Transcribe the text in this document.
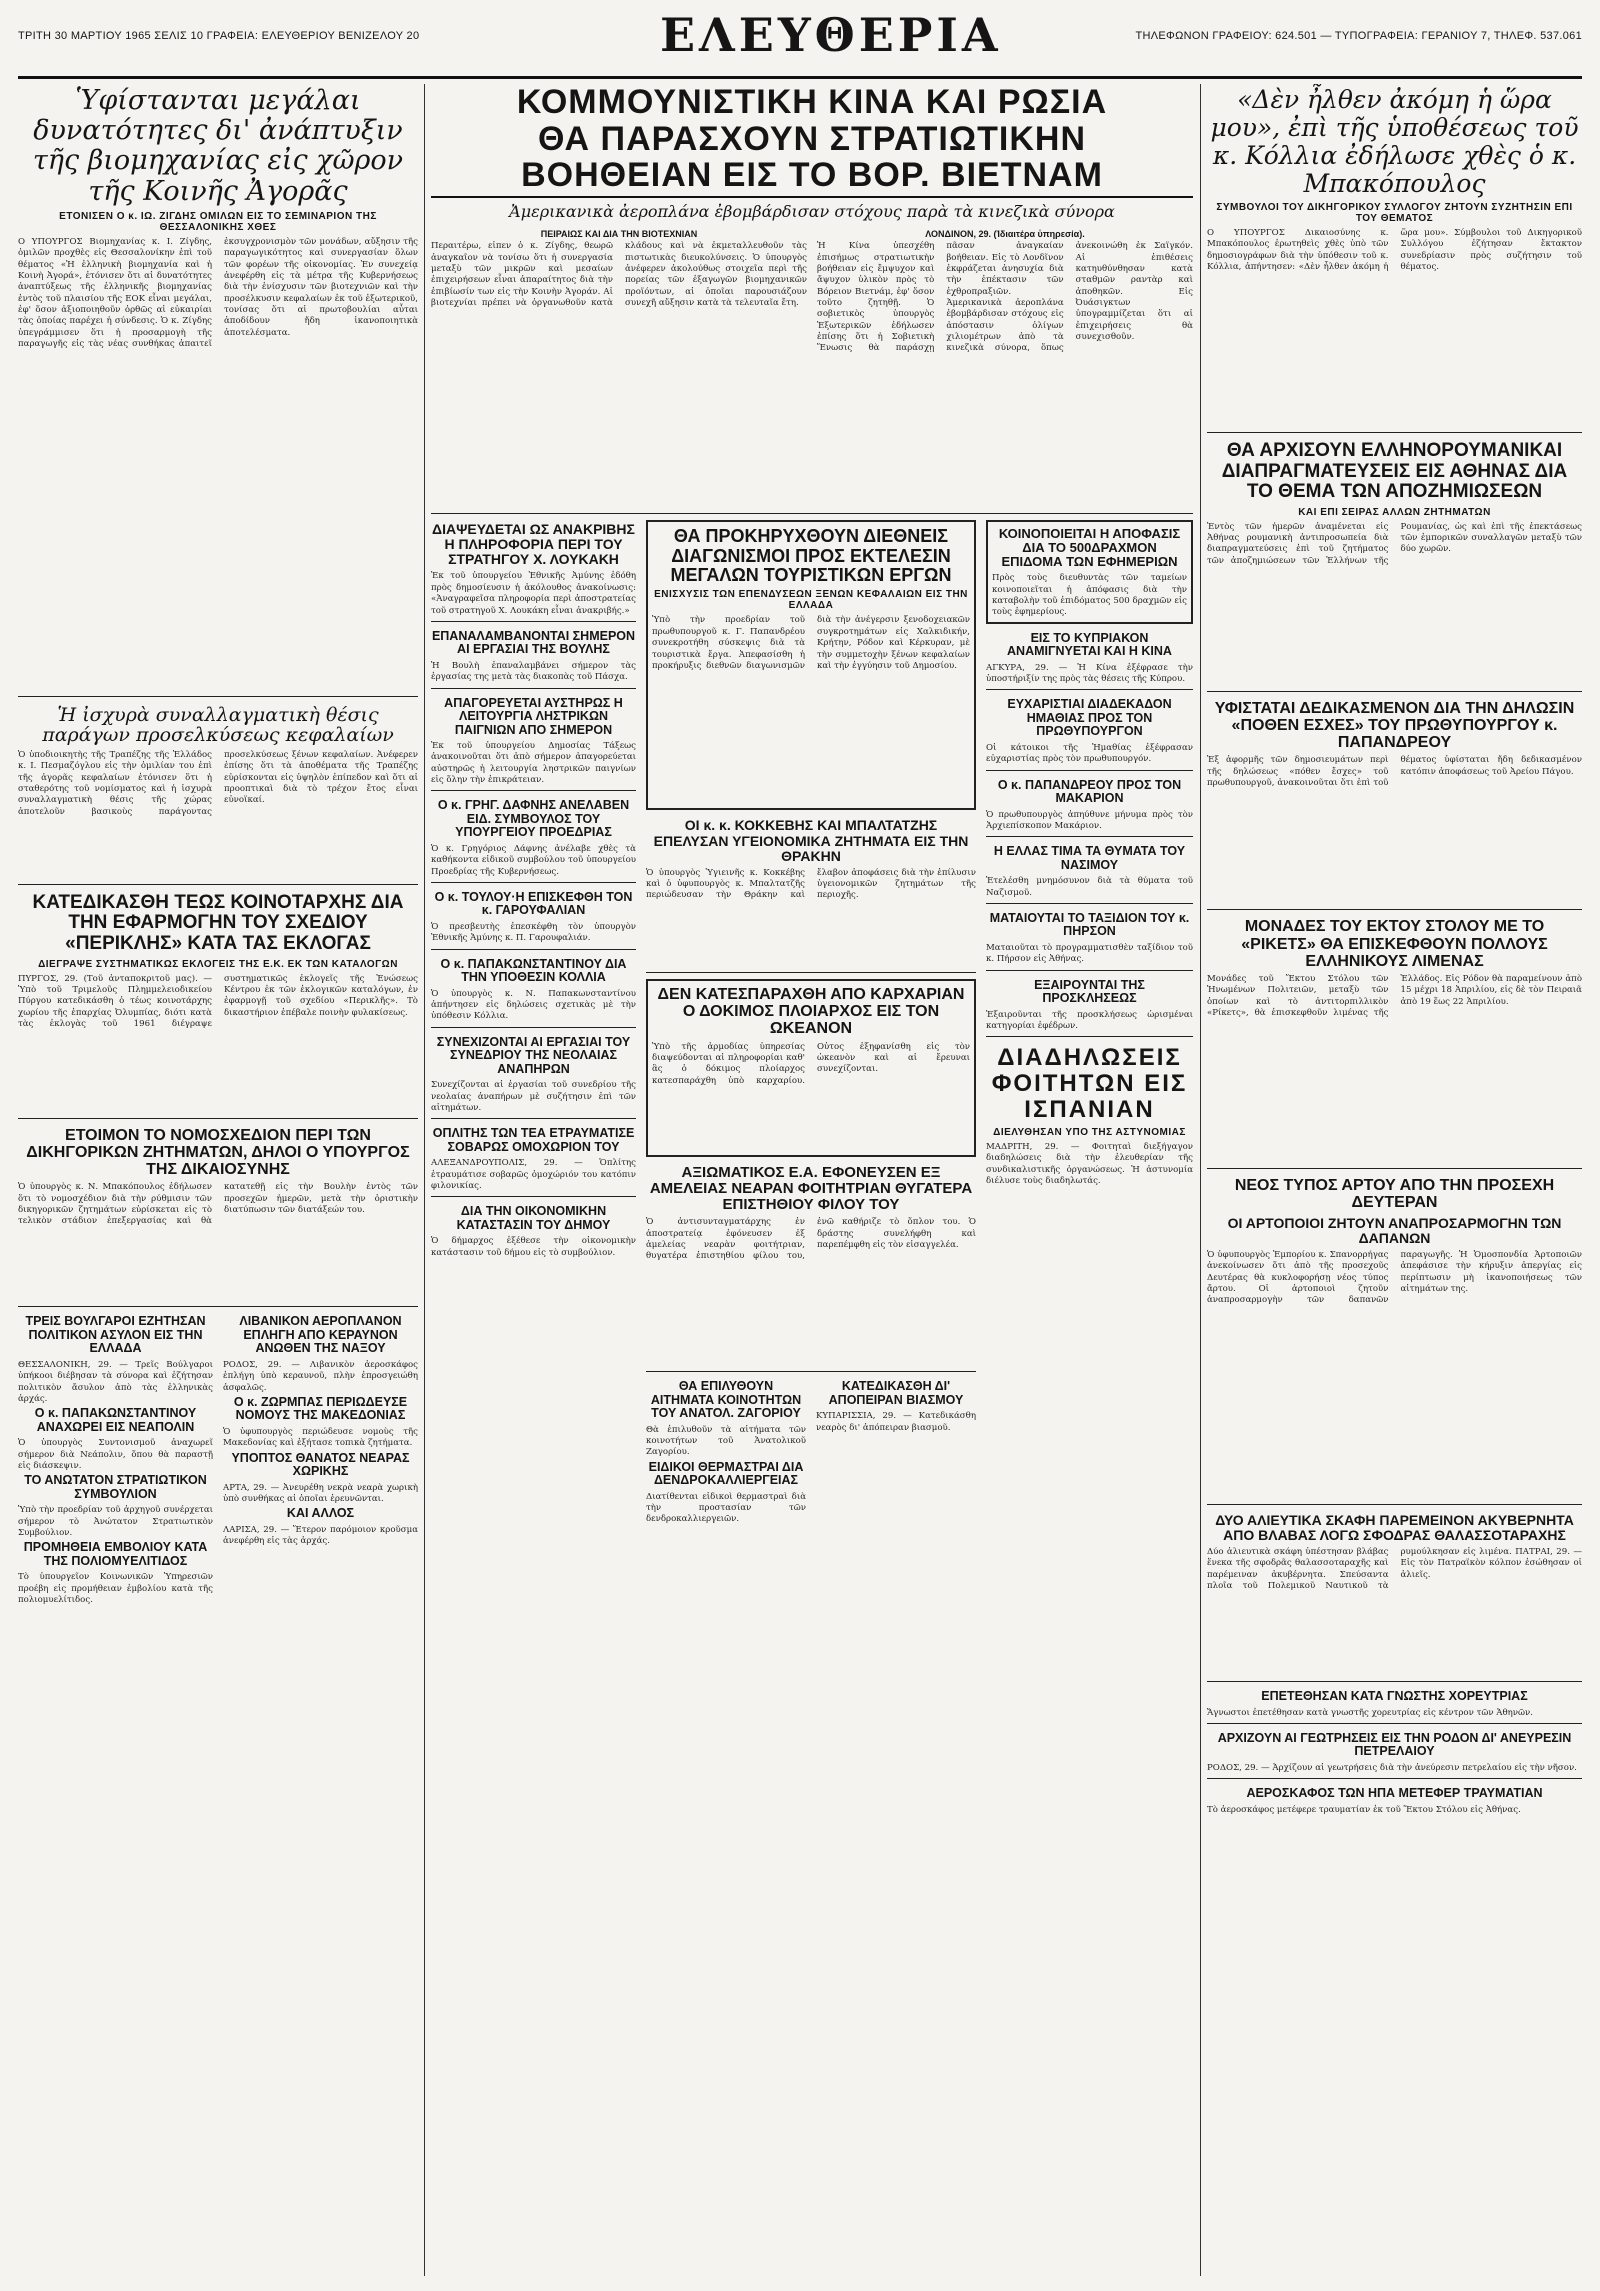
ΤΡΙΤΗ 30 ΜΑΡΤΙΟΥ 1965 ΣΕΛΙΣ 10 ΓΡΑΦΕΙΑ: ΕΛΕΥΘΕΡΙΟΥ ΒΕΝΙΖΕΛΟΥ 20	ΕΛΕΥΘΕΡΙΑ	ΤΗΛΕΦΩΝΟΝ ΓΡΑΦΕΙΟΥ: 624.501 — ΤΥΠΟΓΡΑΦΕΙΑ: ΓΕΡΑΝΙΟΥ 7, ΤΗΛΕΦ. 537.061
Ὑφίστανται μεγάλαι δυνατότητες δι' ἀνάπτυξιν τῆς βιομηχανίας εἰς χῶρον τῆς Κοινῆς Ἀγορᾶς
ΕΤΟΝΙΣΕΝ Ο κ. ΙΩ. ΖΙΓΔΗΣ ΟΜΙΛΩΝ ΕΙΣ ΤΟ ΣΕΜΙΝΑΡΙΟΝ ΤΗΣ ΘΕΣΣΑΛΟΝΙΚΗΣ ΧΘΕΣ

Ο ΥΠΟΥΡΓΟΣ Βιομηχανίας κ. Ι. Ζίγδης, ὁμιλῶν προχθὲς εἰς Θεσσαλονίκην ἐπὶ τοῦ θέματος «Ἡ ἑλληνικὴ βιομηχανία καὶ ἡ Κοινὴ Ἀγορά», ἐτόνισεν ὅτι αἱ δυνατότητες ἀναπτύξεως τῆς ἑλληνικῆς βιομηχανίας ἐντὸς τοῦ πλαισίου τῆς ΕΟΚ εἶναι μεγάλαι, ἐφ' ὅσον ἀξιοποιηθοῦν ὀρθῶς αἱ εὐκαιρίαι τὰς ὁποίας παρέχει ἡ σύνδεσις. Ὁ κ. Ζίγδης ὑπεγράμμισεν ὅτι ἡ προσαρμογὴ τῆς παραγωγῆς εἰς τὰς νέας συνθήκας ἀπαιτεῖ ἐκσυγχρονισμὸν τῶν μονάδων, αὔξησιν τῆς παραγωγικότητος καὶ συνεργασίαν ὅλων τῶν φορέων τῆς οἰκονομίας. Ἐν συνεχείᾳ ἀνεφέρθη εἰς τὰ μέτρα τῆς Κυβερνήσεως διὰ τὴν ἐνίσχυσιν τῶν βιοτεχνιῶν καὶ τὴν προσέλκυσιν κεφαλαίων ἐκ τοῦ ἐξωτερικοῦ, τονίσας ὅτι αἱ πρωτοβουλίαι αὗται ἀποδίδουν ἤδη ἱκανοποιητικὰ ἀποτελέσματα.

Ἡ ἰσχυρὰ συναλλαγματικὴ θέσις παράγων προσελκύσεως κεφαλαίων

Ὁ ὑποδιοικητὴς τῆς Τραπέζης τῆς Ἑλλάδος κ. Ι. Πεσμαζόγλου εἰς τὴν ὁμιλίαν του ἐπὶ τῆς ἀγορᾶς κεφαλαίων ἐτόνισεν ὅτι ἡ σταθερότης τοῦ νομίσματος καὶ ἡ ἰσχυρὰ συναλλαγματικὴ θέσις τῆς χώρας ἀποτελοῦν βασικοὺς παράγοντας προσελκύσεως ξένων κεφαλαίων. Ἀνέφερεν ἐπίσης ὅτι τὰ ἀποθέματα τῆς Τραπέζης εὑρίσκονται εἰς ὑψηλὸν ἐπίπεδον καὶ ὅτι αἱ προοπτικαὶ διὰ τὸ τρέχον ἔτος εἶναι εὐνοϊκαί.

ΚΑΤΕΔΙΚΑΣΘΗ ΤΕΩΣ ΚΟΙΝΟΤΑΡΧΗΣ ΔΙΑ ΤΗΝ ΕΦΑΡΜΟΓΗΝ ΤΟΥ ΣΧΕΔΙΟΥ «ΠΕΡΙΚΛΗΣ» ΚΑΤΑ ΤΑΣ ΕΚΛΟΓΑΣ
ΔΙΕΓΡΑΨΕ ΣΥΣΤΗΜΑΤΙΚΩΣ ΕΚΛΟΓΕΙΣ ΤΗΣ Ε.Κ. ΕΚ ΤΩΝ ΚΑΤΑΛΟΓΩΝ

ΠΥΡΓΟΣ, 29. (Τοῦ ἀνταποκριτοῦ μας). — Ὑπὸ τοῦ Τριμελοῦς Πλημμελειοδικείου Πύργου κατεδικάσθη ὁ τέως κοινοτάρχης χωρίου τῆς ἐπαρχίας Ὀλυμπίας, διότι κατὰ τὰς ἐκλογὰς τοῦ 1961 διέγραψε συστηματικῶς ἐκλογεῖς τῆς Ἑνώσεως Κέντρου ἐκ τῶν ἐκλογικῶν καταλόγων, ἐν ἐφαρμογῇ τοῦ σχεδίου «Περικλῆς». Τὸ δικαστήριον ἐπέβαλε ποινὴν φυλακίσεως.

ΕΤΟΙΜΟΝ ΤΟ ΝΟΜΟΣΧΕΔΙΟΝ ΠΕΡΙ ΤΩΝ ΔΙΚΗΓΟΡΙΚΩΝ ΖΗΤΗΜΑΤΩΝ, ΔΗΛΟΙ Ο ΥΠΟΥΡΓΟΣ ΤΗΣ ΔΙΚΑΙΟΣΥΝΗΣ

Ὁ ὑπουργὸς κ. Ν. Μπακόπουλος ἐδήλωσεν ὅτι τὸ νομοσχέδιον διὰ τὴν ρύθμισιν τῶν δικηγορικῶν ζητημάτων εὑρίσκεται εἰς τὸ τελικὸν στάδιον ἐπεξεργασίας καὶ θὰ κατατεθῇ εἰς τὴν Βουλὴν ἐντὸς τῶν προσεχῶν ἡμερῶν, μετὰ τὴν ὁριστικὴν διατύπωσιν τῶν διατάξεών του.

ΤΡΕΙΣ ΒΟΥΛΓΑΡΟΙ ΕΖΗΤΗΣΑΝ ΠΟΛΙΤΙΚΟΝ ΑΣΥΛΟΝ ΕΙΣ ΤΗΝ ΕΛΛΑΔΑ

ΘΕΣΣΑΛΟΝΙΚΗ, 29. — Τρεῖς Βούλγαροι ὑπήκοοι διέβησαν τὰ σύνορα καὶ ἐζήτησαν πολιτικὸν ἄσυλον ἀπὸ τὰς ἑλληνικὰς ἀρχάς.

Ο κ. ΠΑΠΑΚΩΝΣΤΑΝΤΙΝΟΥ ΑΝΑΧΩΡΕΙ ΕΙΣ ΝΕΑΠΟΛΙΝ

Ὁ ὑπουργὸς Συντονισμοῦ ἀναχωρεῖ σήμερον διὰ Νεάπολιν, ὅπου θὰ παραστῇ εἰς διάσκεψιν.

ΤΟ ΑΝΩΤΑΤΟΝ ΣΤΡΑΤΙΩΤΙΚΟΝ ΣΥΜΒΟΥΛΙΟΝ

Ὑπὸ τὴν προεδρίαν τοῦ ἀρχηγοῦ συνέρχεται σήμερον τὸ Ἀνώτατον Στρατιωτικὸν Συμβούλιον.

ΠΡΟΜΗΘΕΙΑ ΕΜΒΟΛΙΟΥ ΚΑΤΑ ΤΗΣ ΠΟΛΙΟΜΥΕΛΙΤΙΔΟΣ

Τὸ ὑπουργεῖον Κοινωνικῶν Ὑπηρεσιῶν προέβη εἰς προμήθειαν ἐμβολίου κατὰ τῆς πολιομυελίτιδος.

ΛΙΒΑΝΙΚΟΝ ΑΕΡΟΠΛΑΝΟΝ ΕΠΛΗΓΗ ΑΠΟ ΚΕΡΑΥΝΟΝ ΑΝΩΘΕΝ ΤΗΣ ΝΑΞΟΥ

ΡΟΔΟΣ, 29. — Λιβανικὸν ἀεροσκάφος ἐπλήγη ὑπὸ κεραυνοῦ, πλὴν ἐπροσγειώθη ἀσφαλῶς.

Ο κ. ΖΩΡΜΠΑΣ ΠΕΡΙΩΔΕΥΣΕ ΝΟΜΟΥΣ ΤΗΣ ΜΑΚΕΔΟΝΙΑΣ

Ὁ ὑφυπουργὸς περιώδευσε νομοὺς τῆς Μακεδονίας καὶ ἐξήτασε τοπικὰ ζητήματα.

ΥΠΟΠΤΟΣ ΘΑΝΑΤΟΣ ΝΕΑΡΑΣ ΧΩΡΙΚΗΣ

ΑΡΤΑ, 29. — Ἀνευρέθη νεκρὰ νεαρὰ χωρικὴ ὑπὸ συνθήκας αἱ ὁποῖαι ἐρευνῶνται.

ΚΑΙ ΑΛΛΟΣ

ΛΑΡΙΣΑ, 29. — Ἕτερον παρόμοιον κροῦσμα ἀνεφέρθη εἰς τὰς ἀρχάς.

ΚΟΜΜΟΥΝΙΣΤΙΚΗ ΚΙΝΑ ΚΑΙ ΡΩΣΙΑ
ΘΑ ΠΑΡΑΣΧΟΥΝ ΣΤΡΑΤΙΩΤΙΚΗΝ
ΒΟΗΘΕΙΑΝ ΕΙΣ ΤΟ ΒΟΡ. ΒΙΕΤΝΑΜ
Ἀμερικανικὰ ἀεροπλάνα ἐβομβάρδισαν στόχους παρὰ τὰ κινεζικὰ σύνορα
ΠΕΙΡΑΙΩΣ ΚΑΙ ΔΙΑ ΤΗΝ ΒΙΟΤΕΧΝΙΑΝ

Περαιτέρω, εἶπεν ὁ κ. Ζίγδης, θεωρῶ ἀναγκαῖον νὰ τονίσω ὅτι ἡ συνεργασία μεταξὺ τῶν μικρῶν καὶ μεσαίων ἐπιχειρήσεων εἶναι ἀπαραίτητος διὰ τὴν ἐπιβίωσίν των εἰς τὴν Κοινὴν Ἀγοράν. Αἱ βιοτεχνίαι πρέπει νὰ ὀργανωθοῦν κατὰ κλάδους καὶ νὰ ἐκμεταλλευθοῦν τὰς πιστωτικὰς διευκολύνσεις. Ὁ ὑπουργὸς ἀνέφερεν ἀκολούθως στοιχεῖα περὶ τῆς πορείας τῶν ἐξαγωγῶν βιομηχανικῶν προϊόντων, αἱ ὁποῖαι παρουσιάζουν συνεχῆ αὔξησιν κατὰ τὰ τελευταῖα ἔτη.

ΛΟΝΔΙΝΟΝ, 29. (Ἰδιαιτέρα ὑπηρεσία).

Ἡ Κίνα ὑπεσχέθη ἐπισήμως στρατιωτικὴν βοήθειαν εἰς ἔμψυχον καὶ ἄψυχον ὑλικὸν πρὸς τὸ Βόρειον Βιετνάμ, ἐφ' ὅσον τοῦτο ζητηθῇ. Ὁ σοβιετικὸς ὑπουργὸς Ἐξωτερικῶν ἐδήλωσεν ἐπίσης ὅτι ἡ Σοβιετικὴ Ἕνωσις θὰ παράσχῃ πᾶσαν ἀναγκαίαν βοήθειαν. Εἰς τὸ Λονδῖνον ἐκφράζεται ἀνησυχία διὰ τὴν ἐπέκτασιν τῶν ἐχθροπραξιῶν. Ἀμερικανικὰ ἀεροπλάνα ἐβομβάρδισαν στόχους εἰς ἀπόστασιν ὀλίγων χιλιομέτρων ἀπὸ τὰ κινεζικὰ σύνορα, ὅπως ἀνεκοινώθη ἐκ Σαϊγκόν. Αἱ ἐπιθέσεις κατηυθύνθησαν κατὰ σταθμῶν ραντὰρ καὶ ἀποθηκῶν. Εἰς Ὀυάσιγκτων ὑπογραμμίζεται ὅτι αἱ ἐπιχειρήσεις θὰ συνεχισθοῦν.

ΔΙΑΨΕΥΔΕΤΑΙ ΩΣ ΑΝΑΚΡΙΒΗΣ Η ΠΛΗΡΟΦΟΡΙΑ ΠΕΡΙ ΤΟΥ ΣΤΡΑΤΗΓΟΥ Χ. ΛΟΥΚΑΚΗ

Ἐκ τοῦ ὑπουργείου Ἐθνικῆς Ἀμύνης ἐδόθη πρὸς δημοσίευσιν ἡ ἀκόλουθος ἀνακοίνωσις: «Ἀναγραφεῖσα πληροφορία περὶ ἀποστρατείας τοῦ στρατηγοῦ Χ. Λουκάκη εἶναι ἀνακριβής.»

ΕΠΑΝΑΛΑΜΒΑΝΟΝΤΑΙ ΣΗΜΕΡΟΝ ΑΙ ΕΡΓΑΣΙΑΙ ΤΗΣ ΒΟΥΛΗΣ

Ἡ Βουλὴ ἐπαναλαμβάνει σήμερον τὰς ἐργασίας της μετὰ τὰς διακοπὰς τοῦ Πάσχα.

ΑΠΑΓΟΡΕΥΕΤΑΙ ΑΥΣΤΗΡΩΣ Η ΛΕΙΤΟΥΡΓΙΑ ΛΗΣΤΡΙΚΩΝ ΠΑΙΓΝΙΩΝ ΑΠΟ ΣΗΜΕΡΟΝ

Ἐκ τοῦ ὑπουργείου Δημοσίας Τάξεως ἀνακοινοῦται ὅτι ἀπὸ σήμερον ἀπαγορεύεται αὐστηρῶς ἡ λειτουργία ληστρικῶν παιγνίων εἰς ὅλην τὴν ἐπικράτειαν.

Ο κ. ΓΡΗΓ. ΔΑΦΝΗΣ ΑΝΕΛΑΒΕΝ ΕΙΔ. ΣΥΜΒΟΥΛΟΣ ΤΟΥ ΥΠΟΥΡΓΕΙΟΥ ΠΡΟΕΔΡΙΑΣ

Ὁ κ. Γρηγόριος Δάφνης ἀνέλαβε χθὲς τὰ καθήκοντα εἰδικοῦ συμβούλου τοῦ ὑπουργείου Προεδρίας τῆς Κυβερνήσεως.

Ο κ. ΤΟΥΛΟΥ·Η ΕΠΙΣΚΕΦΘΗ ΤΟΝ κ. ΓΑΡΟΥΦΑΛΙΑΝ

Ὁ πρεσβευτὴς ἐπεσκέφθη τὸν ὑπουργὸν Ἐθνικῆς Ἀμύνης κ. Π. Γαρουφαλιάν.

Ο κ. ΠΑΠΑΚΩΝΣΤΑΝΤΙΝΟΥ ΔΙΑ ΤΗΝ ΥΠΟΘΕΣΙΝ ΚΟΛΛΙΑ

Ὁ ὑπουργὸς κ. Ν. Παπακωνσταντίνου ἀπήντησεν εἰς δηλώσεις σχετικὰς μὲ τὴν ὑπόθεσιν Κόλλια.

ΣΥΝΕΧΙΖΟΝΤΑΙ ΑΙ ΕΡΓΑΣΙΑΙ ΤΟΥ ΣΥΝΕΔΡΙΟΥ ΤΗΣ ΝΕΟΛΑΙΑΣ ΑΝΑΠΗΡΩΝ

Συνεχίζονται αἱ ἐργασίαι τοῦ συνεδρίου τῆς νεολαίας ἀναπήρων μὲ συζήτησιν ἐπὶ τῶν αἰτημάτων.

ΟΠΛΙΤΗΣ ΤΩΝ ΤΕΑ ΕΤΡΑΥΜΑΤΙΣΕ ΣΟΒΑΡΩΣ ΟΜΟΧΩΡΙΟΝ ΤΟΥ

ΑΛΕΞΑΝΔΡΟΥΠΟΛΙΣ, 29. — Ὁπλίτης ἐτραυμάτισε σοβαρῶς ὁμοχώριόν του κατόπιν φιλονικίας.

ΔΙΑ ΤΗΝ ΟΙΚΟΝΟΜΙΚΗΝ ΚΑΤΑΣΤΑΣΙΝ ΤΟΥ ΔΗΜΟΥ

Ὁ δήμαρχος ἐξέθεσε τὴν οἰκονομικὴν κατάστασιν τοῦ δήμου εἰς τὸ συμβούλιον.

ΘΑ ΠΡΟΚΗΡΥΧΘΟΥΝ ΔΙΕΘΝΕΙΣ ΔΙΑΓΩΝΙΣΜΟΙ ΠΡΟΣ ΕΚΤΕΛΕΣΙΝ ΜΕΓΑΛΩΝ ΤΟΥΡΙΣΤΙΚΩΝ ΕΡΓΩΝ
ΕΝΙΣΧΥΣΙΣ ΤΩΝ ΕΠΕΝΔΥΣΕΩΝ ΞΕΝΩΝ ΚΕΦΑΛΑΙΩΝ ΕΙΣ ΤΗΝ ΕΛΛΑΔΑ

Ὑπὸ τὴν προεδρίαν τοῦ πρωθυπουργοῦ κ. Γ. Παπανδρέου συνεκροτήθη σύσκεψις διὰ τὰ τουριστικὰ ἔργα. Ἀπεφασίσθη ἡ προκήρυξις διεθνῶν διαγωνισμῶν διὰ τὴν ἀνέγερσιν ξενοδοχειακῶν συγκροτημάτων εἰς Χαλκιδικήν, Κρήτην, Ρόδον καὶ Κέρκυραν, μὲ τὴν συμμετοχὴν ξένων κεφαλαίων καὶ τὴν ἐγγύησιν τοῦ Δημοσίου.

ΟΙ κ. κ. ΚΟΚΚΕΒΗΣ ΚΑΙ ΜΠΑΛΤΑΤΖΗΣ ΕΠΕΛΥΣΑΝ ΥΓΕΙΟΝΟΜΙΚΑ ΖΗΤΗΜΑΤΑ ΕΙΣ ΤΗΝ ΘΡΑΚΗΝ

Ὁ ὑπουργὸς Ὑγιεινῆς κ. Κοκκέβης καὶ ὁ ὑφυπουργὸς κ. Μπαλτατζῆς περιώδευσαν τὴν Θράκην καὶ ἔλαβον ἀποφάσεις διὰ τὴν ἐπίλυσιν ὑγειονομικῶν ζητημάτων τῆς περιοχῆς.

ΔΕΝ ΚΑΤΕΣΠΑΡΑΧΘΗ ΑΠΟ ΚΑΡΧΑΡΙΑΝ Ο ΔΟΚΙΜΟΣ ΠΛΟΙΑΡΧΟΣ ΕΙΣ ΤΟΝ ΩΚΕΑΝΟΝ

Ὑπὸ τῆς ἀρμοδίας ὑπηρεσίας διαψεύδονται αἱ πληροφορίαι καθ' ἃς ὁ δόκιμος πλοίαρχος κατεσπαράχθη ὑπὸ καρχαρίου. Οὗτος ἐξηφανίσθη εἰς τὸν ὠκεανὸν καὶ αἱ ἔρευναι συνεχίζονται.

ΑΞΙΩΜΑΤΙΚΟΣ Ε.Α. ΕΦΟΝΕΥΣΕΝ ΕΞ ΑΜΕΛΕΙΑΣ ΝΕΑΡΑΝ ΦΟΙΤΗΤΡΙΑΝ ΘΥΓΑΤΕΡΑ ΕΠΙΣΤΗΘΙΟΥ ΦΙΛΟΥ ΤΟΥ

Ὁ ἀντισυνταγματάρχης ἐν ἀποστρατείᾳ ἐφόνευσεν ἐξ ἀμελείας νεαρὰν φοιτήτριαν, θυγατέρα ἐπιστηθίου φίλου του, ἐνῶ καθήριζε τὸ ὅπλον του. Ὁ δράστης συνελήφθη καὶ παρεπέμφθη εἰς τὸν εἰσαγγελέα.

ΘΑ ΕΠΙΛΥΘΟΥΝ ΑΙΤΗΜΑΤΑ ΚΟΙΝΟΤΗΤΩΝ ΤΟΥ ΑΝΑΤΟΛ. ΖΑΓΟΡΙΟΥ

Θὰ ἐπιλυθοῦν τὰ αἰτήματα τῶν κοινοτήτων τοῦ Ἀνατολικοῦ Ζαγορίου.

ΕΙΔΙΚΟΙ ΘΕΡΜΑΣΤΡΑΙ ΔΙΑ ΔΕΝΔΡΟΚΑΛΛΙΕΡΓΕΙΑΣ

Διατίθενται εἰδικοὶ θερμαστραὶ διὰ τὴν προστασίαν τῶν δενδροκαλλιεργειῶν.

ΚΑΤΕΔΙΚΑΣΘΗ ΔΙ' ΑΠΟΠΕΙΡΑΝ ΒΙΑΣΜΟΥ

ΚΥΠΑΡΙΣΣΙΑ, 29. — Κατεδικάσθη νεαρὸς δι' ἀπόπειραν βιασμοῦ.

ΚΟΙΝΟΠΟΙΕΙΤΑΙ Η ΑΠΟΦΑΣΙΣ ΔΙΑ ΤΟ 500ΔΡΑΧΜΟΝ ΕΠΙΔΟΜΑ ΤΩΝ ΕΦΗΜΕΡΙΩΝ

Πρὸς τοὺς διευθυντὰς τῶν ταμείων κοινοποιεῖται ἡ ἀπόφασις διὰ τὴν καταβολὴν τοῦ ἐπιδόματος 500 δραχμῶν εἰς τοὺς ἐφημερίους.

ΕΙΣ ΤΟ ΚΥΠΡΙΑΚΟΝ ΑΝΑΜΙΓΝΥΕΤΑΙ ΚΑΙ Η ΚΙΝΑ

ΑΓΚΥΡΑ, 29. — Ἡ Κίνα ἐξέφρασε τὴν ὑποστήριξίν της πρὸς τὰς θέσεις τῆς Κύπρου.

ΕΥΧΑΡΙΣΤΙΑΙ ΔΙΑΔΕΚΑΔΟΝ ΗΜΑΘΙΑΣ ΠΡΟΣ ΤΟΝ ΠΡΩΘΥΠΟΥΡΓΟΝ

Οἱ κάτοικοι τῆς Ἠμαθίας ἐξέφρασαν εὐχαριστίας πρὸς τὸν πρωθυπουργόν.

Ο κ. ΠΑΠΑΝΔΡΕΟΥ ΠΡΟΣ ΤΟΝ ΜΑΚΑΡΙΟΝ

Ὁ πρωθυπουργὸς ἀπηύθυνε μήνυμα πρὸς τὸν Ἀρχιεπίσκοπον Μακάριον.

Η ΕΛΛΑΣ ΤΙΜΑ ΤΑ ΘΥΜΑΤΑ ΤΟΥ ΝΑΣΙΜΟΥ

Ἐτελέσθη μνημόσυνον διὰ τὰ θύματα τοῦ Ναζισμοῦ.

ΜΑΤΑΙΟΥΤΑΙ ΤΟ ΤΑΞΙΔΙΟΝ ΤΟΥ κ. ΠΗΡΣΟΝ

Ματαιοῦται τὸ προγραμματισθὲν ταξίδιον τοῦ κ. Πήρσον εἰς Ἀθήνας.

ΕΞΑΙΡΟΥΝΤΑΙ ΤΗΣ ΠΡΟΣΚΛΗΣΕΩΣ

Ἐξαιροῦνται τῆς προσκλήσεως ὡρισμέναι κατηγορίαι ἐφέδρων.

ΔΙΑΔΗΛΩΣΕΙΣ ΦΟΙΤΗΤΩΝ ΕΙΣ ΙΣΠΑΝΙΑΝ
ΔΙΕΛΥΘΗΣΑΝ ΥΠΟ ΤΗΣ ΑΣΤΥΝΟΜΙΑΣ

ΜΑΔΡΙΤΗ, 29. — Φοιτηταὶ διεξήγαγον διαδηλώσεις διὰ τὴν ἐλευθερίαν τῆς συνδικαλιστικῆς ὀργανώσεως. Ἡ ἀστυνομία διέλυσε τοὺς διαδηλωτάς.

«Δὲν ἦλθεν ἀκόμη ἡ ὥρα μου», ἐπὶ τῆς ὑποθέσεως τοῦ κ. Κόλλια ἐδήλωσε χθὲς ὁ κ. Μπακόπουλος
ΣΥΜΒΟΥΛΟΙ ΤΟΥ ΔΙΚΗΓΟΡΙΚΟΥ ΣΥΛΛΟΓΟΥ ΖΗΤΟΥΝ ΣΥΖΗΤΗΣΙΝ ΕΠΙ ΤΟΥ ΘΕΜΑΤΟΣ

Ο ΥΠΟΥΡΓΟΣ Δικαιοσύνης κ. Μπακόπουλος ἐρωτηθεὶς χθὲς ὑπὸ τῶν δημοσιογράφων διὰ τὴν ὑπόθεσιν τοῦ κ. Κόλλια, ἀπήντησεν: «Δὲν ἦλθεν ἀκόμη ἡ ὥρα μου». Σύμβουλοι τοῦ Δικηγορικοῦ Συλλόγου ἐζήτησαν ἔκτακτον συνεδρίασιν πρὸς συζήτησιν τοῦ θέματος.

ΘΑ ΑΡΧΙΣΟΥΝ ΕΛΛΗΝΟΡΟΥΜΑΝΙΚΑΙ ΔΙΑΠΡΑΓΜΑΤΕΥΣΕΙΣ ΕΙΣ ΑΘΗΝΑΣ ΔΙΑ ΤΟ ΘΕΜΑ ΤΩΝ ΑΠΟΖΗΜΙΩΣΕΩΝ
ΚΑΙ ΕΠΙ ΣΕΙΡΑΣ ΑΛΛΩΝ ΖΗΤΗΜΑΤΩΝ

Ἐντὸς τῶν ἡμερῶν ἀναμένεται εἰς Ἀθήνας ρουμανικὴ ἀντιπροσωπεία διὰ διαπραγματεύσεις ἐπὶ τοῦ ζητήματος τῶν ἀποζημιώσεων τῶν Ἑλλήνων τῆς Ρουμανίας, ὡς καὶ ἐπὶ τῆς ἐπεκτάσεως τῶν ἐμπορικῶν συναλλαγῶν μεταξὺ τῶν δύο χωρῶν.

ΥΦΙΣΤΑΤΑΙ ΔΕΔΙΚΑΣΜΕΝΟΝ ΔΙΑ ΤΗΝ ΔΗΛΩΣΙΝ «ΠΟΘΕΝ ΕΣΧΕΣ» ΤΟΥ ΠΡΩΘΥΠΟΥΡΓΟΥ κ. ΠΑΠΑΝΔΡΕΟΥ

Ἐξ ἀφορμῆς τῶν δημοσιευμάτων περὶ τῆς δηλώσεως «πόθεν ἔσχες» τοῦ πρωθυπουργοῦ, ἀνακοινοῦται ὅτι ἐπὶ τοῦ θέματος ὑφίσταται ἤδη δεδικασμένον κατόπιν ἀποφάσεως τοῦ Ἀρείου Πάγου.

ΜΟΝΑΔΕΣ ΤΟΥ ΕΚΤΟΥ ΣΤΟΛΟΥ ΜΕ ΤΟ «ΡΙΚΕΤΣ» ΘΑ ΕΠΙΣΚΕΦΘΟΥΝ ΠΟΛΛΟΥΣ ΕΛΛΗΝΙΚΟΥΣ ΛΙΜΕΝΑΣ

Μονάδες τοῦ Ἕκτου Στόλου τῶν Ἡνωμένων Πολιτειῶν, μεταξὺ τῶν ὁποίων καὶ τὸ ἀντιτορπιλλικὸν «Ρίκετς», θὰ ἐπισκεφθοῦν λιμένας τῆς Ἑλλάδος. Εἰς Ρόδον θὰ παραμείνουν ἀπὸ 15 μέχρι 18 Ἀπριλίου, εἰς δὲ τὸν Πειραιᾶ ἀπὸ 19 ἕως 22 Ἀπριλίου.

ΝΕΟΣ ΤΥΠΟΣ ΑΡΤΟΥ ΑΠΟ ΤΗΝ ΠΡΟΣΕΧΗ ΔΕΥΤΕΡΑΝ
ΟΙ ΑΡΤΟΠΟΙΟΙ ΖΗΤΟΥΝ ΑΝΑΠΡΟΣΑΡΜΟΓΗΝ ΤΩΝ ΔΑΠΑΝΩΝ

Ὁ ὑφυπουργὸς Ἐμπορίου κ. Σπανορρήγας ἀνεκοίνωσεν ὅτι ἀπὸ τῆς προσεχοῦς Δευτέρας θὰ κυκλοφορήσῃ νέος τύπος ἄρτου. Οἱ ἀρτοποιοὶ ζητοῦν ἀναπροσαρμογὴν τῶν δαπανῶν παραγωγῆς. Ἡ Ὁμοσπονδία Ἀρτοποιῶν ἀπεφάσισε τὴν κήρυξιν ἀπεργίας εἰς περίπτωσιν μὴ ἱκανοποιήσεως τῶν αἰτημάτων της.

ΔΥΟ ΑΛΙΕΥΤΙΚΑ ΣΚΑΦΗ ΠΑΡΕΜΕΙΝΟΝ ΑΚΥΒΕΡΝΗΤΑ ΑΠΟ ΒΛΑΒΑΣ ΛΟΓΩ ΣΦΟΔΡΑΣ ΘΑΛΑΣΣΟΤΑΡΑΧΗΣ

Δύο ἁλιευτικὰ σκάφη ὑπέστησαν βλάβας ἕνεκα τῆς σφοδρᾶς θαλασσοταραχῆς καὶ παρέμειναν ἀκυβέρνητα. Σπεύσαντα πλοῖα τοῦ Πολεμικοῦ Ναυτικοῦ τὰ ρυμούλκησαν εἰς λιμένα. ΠΑΤΡΑΙ, 29. — Εἰς τὸν Πατραϊκὸν κόλπον ἐσώθησαν οἱ ἁλιεῖς.

ΕΠΕΤΕΘΗΣΑΝ ΚΑΤΑ ΓΝΩΣΤΗΣ ΧΟΡΕΥΤΡΙΑΣ

Ἄγνωστοι ἐπετέθησαν κατὰ γνωστῆς χορευτρίας εἰς κέντρον τῶν Ἀθηνῶν.

ΑΡΧΙΖΟΥΝ ΑΙ ΓΕΩΤΡΗΣΕΙΣ ΕΙΣ ΤΗΝ ΡΟΔΟΝ ΔΙ' ΑΝΕΥΡΕΣΙΝ ΠΕΤΡΕΛΑΙΟΥ

ΡΟΔΟΣ, 29. — Ἀρχίζουν αἱ γεωτρήσεις διὰ τὴν ἀνεύρεσιν πετρελαίου εἰς τὴν νῆσον.

ΑΕΡΟΣΚΑΦΟΣ ΤΩΝ ΗΠΑ ΜΕΤΕΦΕΡ ΤΡΑΥΜΑΤΙΑΝ

Τὸ ἀεροσκάφος μετέφερε τραυματίαν ἐκ τοῦ Ἕκτου Στόλου εἰς Ἀθήνας.
